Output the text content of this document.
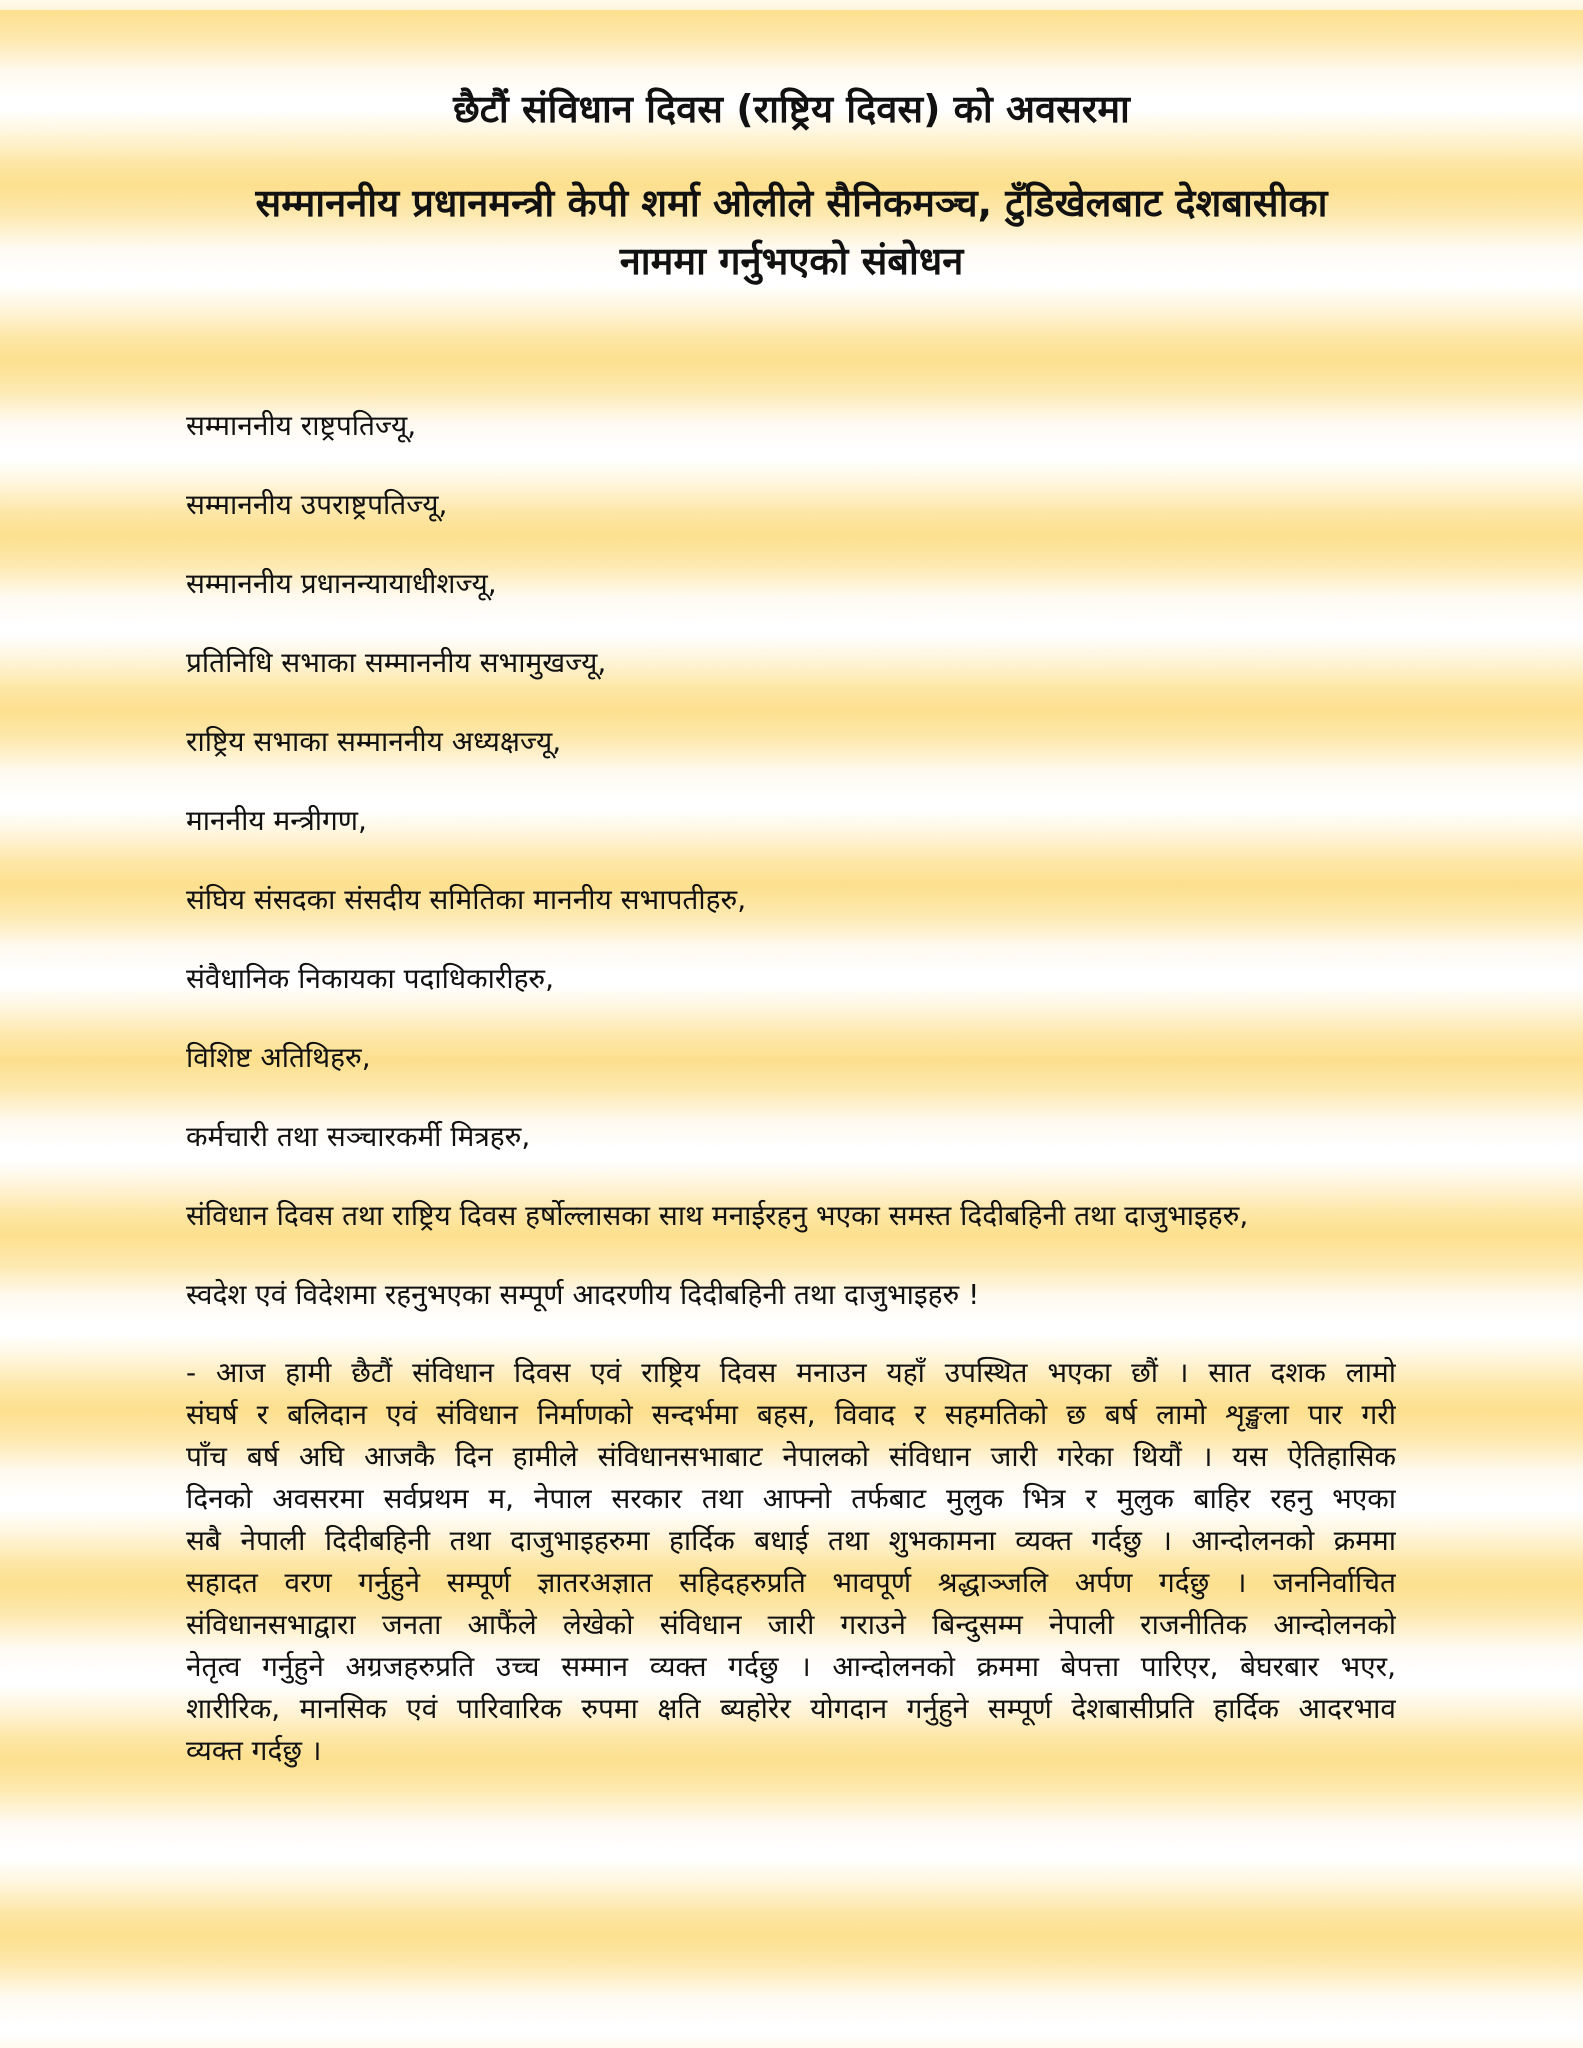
छैटौं संविधान दिवस (राष्ट्रिय दिवस) को अवसरमा
सम्माननीय प्रधानमन्त्री केपी शर्मा ओलीले सैनिकमञ्च, टुँडिखेलबाट देशबासीका
नाममा गर्नुभएको संबोधन
सम्माननीय राष्ट्रपतिज्यू,
सम्माननीय उपराष्ट्रपतिज्यू,
सम्माननीय प्रधानन्यायाधीशज्यू,
प्रतिनिधि सभाका सम्माननीय सभामुखज्यू,
राष्ट्रिय सभाका सम्माननीय अध्यक्षज्यू,
माननीय मन्त्रीगण,
संघिय संसदका संसदीय समितिका माननीय सभापतीहरु,
संवैधानिक निकायका पदाधिकारीहरु,
विशिष्ट अतिथिहरु,
कर्मचारी तथा सञ्चारकर्मी मित्रहरु,
संविधान दिवस तथा राष्ट्रिय दिवस हर्षोल्लासका साथ मनाईरहनु भएका समस्त दिदीबहिनी तथा दाजुभाइहरु,
स्वदेश एवं विदेशमा रहनुभएका सम्पूर्ण आदरणीय दिदीबहिनी तथा दाजुभाइहरु !
- आज हामी छैटौं संविधान दिवस एवं राष्ट्रिय दिवस मनाउन यहाँ उपस्थित भएका छौं । सात दशक लामो
संघर्ष र बलिदान एवं संविधान निर्माणको सन्दर्भमा बहस, विवाद र सहमतिको छ बर्ष लामो शृङ्खला पार गरी
पाँच बर्ष अघि आजकै दिन हामीले संविधानसभाबाट नेपालको संविधान जारी गरेका थियौं । यस ऐतिहासिक
दिनको अवसरमा सर्वप्रथम म, नेपाल सरकार तथा आफ्नो तर्फबाट मुलुक भित्र र मुलुक बाहिर रहनु भएका
सबै नेपाली दिदीबहिनी तथा दाजुभाइहरुमा हार्दिक बधाई तथा शुभकामना व्यक्त गर्दछु । आन्दोलनको क्रममा
सहादत वरण गर्नुहुने सम्पूर्ण ज्ञातरअज्ञात सहिदहरुप्रति भावपूर्ण श्रद्धाञ्जलि अर्पण गर्दछु । जननिर्वाचित
संविधानसभाद्वारा जनता आफैंले लेखेको संविधान जारी गराउने बिन्दुसम्म नेपाली राजनीतिक आन्दोलनको
नेतृत्व गर्नुहुने अग्रजहरुप्रति उच्च सम्मान व्यक्त गर्दछु । आन्दोलनको क्रममा बेपत्ता पारिएर, बेघरबार भएर,
शारीरिक, मानसिक एवं पारिवारिक रुपमा क्षति ब्यहोरेर योगदान गर्नुहुने सम्पूर्ण देशबासीप्रति हार्दिक आदरभाव
व्यक्त गर्दछु ।
